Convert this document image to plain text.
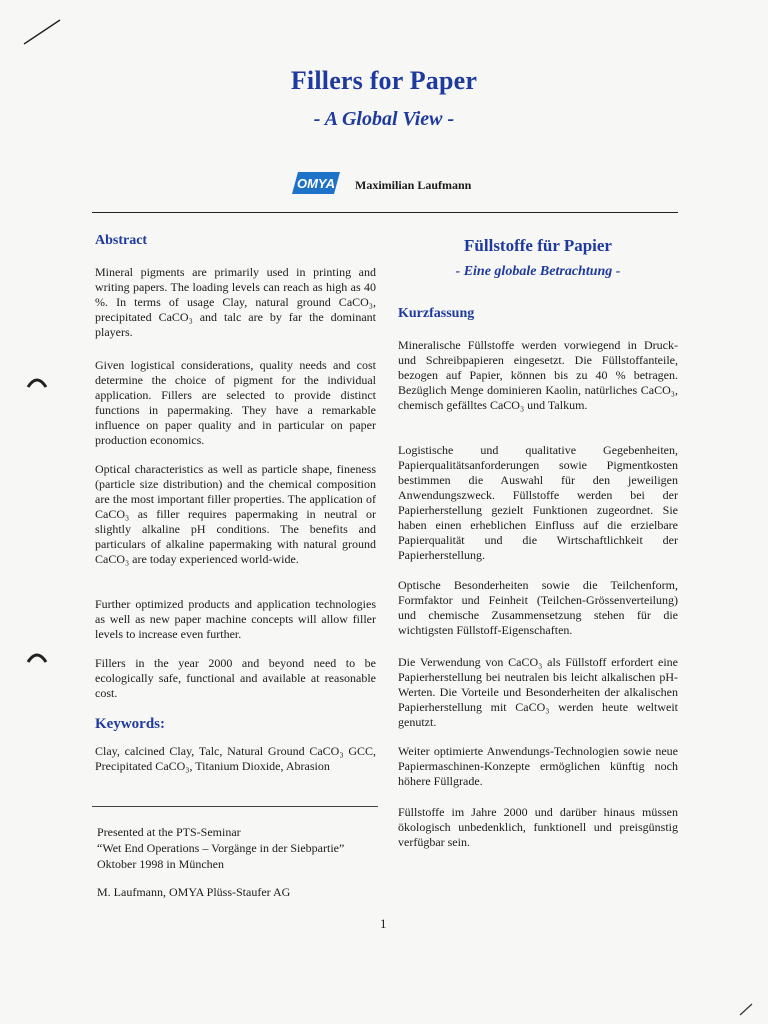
Fillers for Paper
- A Global View -
OMYA Maximilian Laufmann

Abstract

Mineral pigments are primarily used in printing and writing papers. The loading levels can reach as high as 40 %. In terms of usage Clay, natural ground CaCO₃, precipitated CaCO₃ and talc are by far the dominant players.

Given logistical considerations, quality needs and cost determine the choice of pigment for the individual application. Fillers are selected to provide distinct functions in papermaking. They have a remarkable influence on paper quality and in particular on paper production economics.

Optical characteristics as well as particle shape, fineness (particle size distribution) and the chemical composition are the most important filler properties. The application of CaCO₃ as filler requires papermaking in neutral or slightly alkaline pH conditions. The benefits and particulars of alkaline papermaking with natural ground CaCO₃ are today experienced world-wide.

Further optimized products and application technologies as well as new paper machine concepts will allow filler levels to increase even further.

Fillers in the year 2000 and beyond need to be ecologically safe, functional and available at reasonable cost.

Keywords:

Clay, calcined Clay, Talc, Natural Ground CaCO₃ GCC, Precipitated CaCO₃, Titanium Dioxide, Abrasion

Presented at the PTS-Seminar

“Wet End Operations – Vorgänge in der Siebpartie”

Oktober 1998 in München

M. Laufmann, OMYA Plüss-Staufer AG

Füllstoffe für Papier
- Eine globale Betrachtung -

Kurzfassung

Mineralische Füllstoffe werden vorwiegend in Druck- und Schreibpapieren eingesetzt. Die Füllstoffanteile, bezogen auf Papier, können bis zu 40 % betragen. Bezüglich Menge dominieren Kaolin, natürliches CaCO₃, chemisch gefälltes CaCO₃ und Talkum.

Logistische und qualitative Gegebenheiten, Papierqualitätsanforderungen sowie Pigmentkosten bestimmen die Auswahl für den jeweiligen Anwendungszweck. Füllstoffe werden bei der Papierherstellung gezielt Funktionen zugeordnet. Sie haben einen erheblichen Einfluss auf die erzielbare Papierqualität und die Wirtschaftlichkeit der Papierherstellung.

Optische Besonderheiten sowie die Teilchenform, Formfaktor und Feinheit (Teilchen-Grössenverteilung) und chemische Zusammensetzung stehen für die wichtigsten Füllstoff-Eigenschaften.

Die Verwendung von CaCO₃ als Füllstoff erfordert eine Papierherstellung bei neutralen bis leicht alkalischen pH-Werten. Die Vorteile und Besonderheiten der alkalischen Papierherstellung mit CaCO₃ werden heute weltweit genutzt.

Weiter optimierte Anwendungs-Technologien sowie neue Papiermaschinen-Konzepte ermöglichen künftig noch höhere Füllgrade.

Füllstoffe im Jahre 2000 und darüber hinaus müssen ökologisch unbedenklich, funktionell und preisgünstig verfügbar sein.

1
